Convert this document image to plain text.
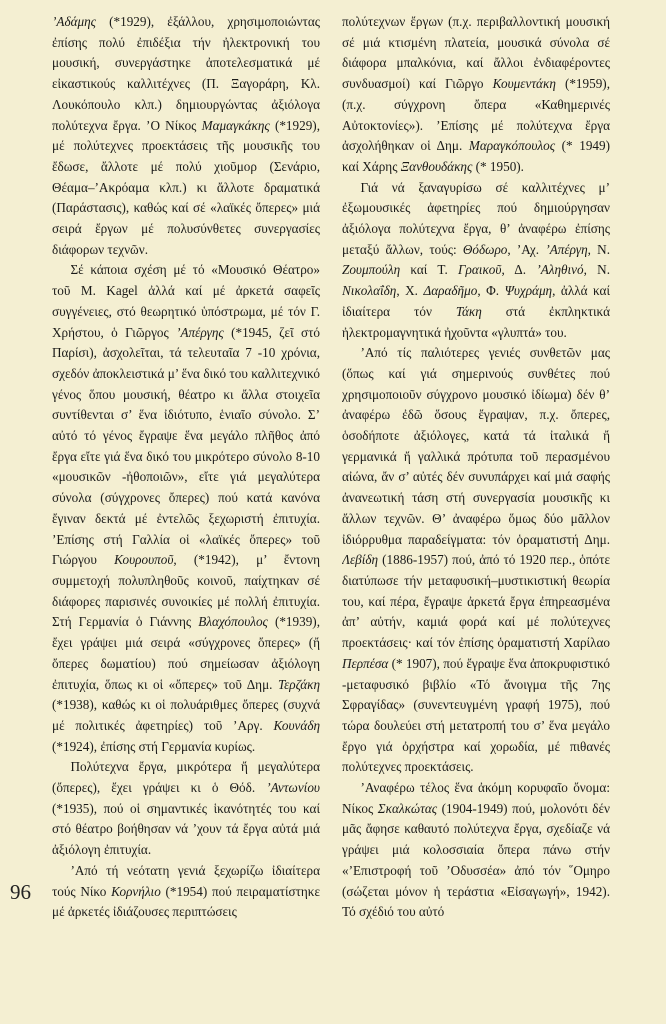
’Αδάμης (*1929), ἐξάλλου, χρησιμοποιώντας ἐπίσης πολύ ἐπιδέξια τήν ἠλεκτρονική του μουσική, συνεργάστηκε ἀποτελεσματικά μέ εἰκαστικούς καλλιτέχνες (Π. Ξαγοράρη, Κλ. Λουκόπουλο κλπ.) δημιουργώντας ἀξιόλογα πολύτεχνα ἔργα. ’Ο Νίκος Μαμαγκάκης (*1929), μέ πολύτεχνες προεκτάσεις τῆς μουσικῆς του ἔδωσε, ἄλλοτε μέ πολύ χιοῦμορ (Σενάριο, Θέαμα–’Ακρόαμα κλπ.) κι ἄλλοτε δραματικά (Παράστασις), καθώς καί σέ «λαϊκές ὄπερες» μιά σειρά ἔργων μέ πολυσύνθετες συνεργασίες διάφορων τεχνῶν.

Σέ κάποια σχέση μέ τό «Μουσικό Θέατρο» τοῦ Μ. Kagel ἀλλά καί μέ ἀρκετά σαφεῖς συγγένειες, στό θεωρητικό ὑπόστρωμα, μέ τόν Γ. Χρήστου, ὁ Γιῶργος ’Απέργης (*1945, ζεῖ στό Παρίσι), ἀσχολεῖται, τά τελευταῖα 7 -10 χρόνια, σχεδόν ἀποκλειστικά μ’ ἕνα δικό του καλλιτεχνικό γένος ὅπου μουσική, θέατρο κι ἄλλα στοιχεῖα συντίθενται σ’ ἕνα ἰδιότυπο, ἑνιαῖο σύνολο. Σ’ αὐτό τό γένος ἔγραψε ἕνα μεγάλο πλῆθος ἀπό ἔργα εἴτε γιά ἕνα δικό του μικρότερο σύνολο 8-10 «μουσικῶν -ἠθοποιῶν», εἴτε γιά μεγαλύτερα σύνολα (σύγχρονες ὄπερες) πού κατά κανόνα ἔγιναν δεκτά μέ ἐντελῶς ξεχωριστή ἐπιτυχία. ’Επίσης στή Γαλλία οἱ «λαϊκές ὄπερες» τοῦ Γιώργου Κουρουποῦ, (*1942), μ’ ἔντονη συμμετοχή πολυπληθοῦς κοινοῦ, παίχτηκαν σέ διάφορες παρισινές συνοικίες μέ πολλή ἐπιτυχία. Στή Γερμανία ὁ Γιάννης Βλαχόπουλος (*1939), ἔχει γράψει μιά σειρά «σύγχρονες ὄπερες» (ἤ ὄπερες δωματίου) πού σημείωσαν ἀξιόλογη ἐπιτυχία, ὅπως κι οἱ «ὄπερες» τοῦ Δημ. Τερζάκη (*1938), καθώς κι οἱ πολυάριθμες ὄπερες (συχνά μέ πολιτικές ἀφετηρίες) τοῦ ’Αργ. Κουνάδη (*1924), ἐπίσης στή Γερμανία κυρίως.

Πολύτεχνα ἔργα, μικρότερα ἤ μεγαλύτερα (ὄπερες), ἔχει γράψει κι ὁ Θόδ. ’Αντωνίου (*1935), πού οἱ σημαντικές ἱκανότητές του καί στό θέατρο βοήθησαν νά ’χουν τά ἔργα αὐτά μιά ἀξιόλογη ἐπιτυχία.

’Από τή νεότατη γενιά ξεχωρίζω ἰδιαίτερα τούς Νίκο Κορνήλιο (*1954) πού πειραματίστηκε μέ ἀρκετές ἰδιάζουσες περιπτώσεις

96

πολύτεχνων ἔργων (π.χ. περιβαλλοντική μουσική σέ μιά κτισμένη πλατεία, μουσικά σύνολα σέ διάφορα μπαλκόνια, καί ἄλλοι ἐνδιαφέροντες συνδυασμοί) καί Γιῶργο Κουμεντάκη (*1959), (π.χ. σύγχρονη ὄπερα «Καθημερινές Αὐτοκτονίες»). ’Επίσης μέ πολύτεχνα ἔργα ἀσχολήθηκαν οἱ Δημ. Μαραγκόπουλος (* 1949) καί Χάρης Ξανθουδάκης (* 1950).

Γιά νά ξαναγυρίσω σέ καλλιτέχνες μ’ ἐξωμουσικές ἀφετηρίες πού δημιούργησαν ἀξιόλογα πολύτεχνα ἔργα, θ’ ἀναφέρω ἐπίσης μεταξύ ἄλλων, τούς: Θόδωρο, ’Αχ. ’Απέργη, Ν. Ζουμπούλη καί Τ. Γραικοῦ, Δ. ’Αληθινό, Ν. Νικολαΐδη, Χ. Δαραδῆμο, Φ. Ψυχράμη, ἀλλά καί ἰδιαίτερα τόν Τάκη στά ἐκπληκτικά ἠλεκτρομαγνητικά ἠχοῦντα «γλυπτά» του.

’Από τίς παλιότερες γενιές συνθετῶν μας (ὅπως καί γιά σημερινούς συνθέτες πού χρησιμοποιοῦν σύγχρονο μουσικό ἰδίωμα) δέν θ’ ἀναφέρω ἐδῶ ὅσους ἔγραψαν, π.χ. ὄπερες, ὁσοδήποτε ἀξιόλογες, κατά τά ἰταλικά ἤ γερμανικά ἤ γαλλικά πρότυπα τοῦ περασμένου αἰώνα, ἄν σ’ αὐτές δέν συνυπάρχει καί μιά σαφής ἀνανεωτική τάση στή συνεργασία μουσικῆς κι ἄλλων τεχνῶν. Θ’ ἀναφέρω ὅμως δύο μᾶλλον ἰδιόρρυθμα παραδείγματα: τόν ὁραματιστή Δημ. Λεβίδη (1886-1957) πού, ἀπό τό 1920 περ., ὁπότε διατύπωσε τήν μεταφυσική–μυστικιστική θεωρία του, καί πέρα, ἔγραψε ἀρκετά ἔργα ἐπηρεασμένα ἀπ’ αὐτήν, καμιά φορά καί μέ πολύτεχνες προεκτάσεις· καί τόν ἐπίσης ὁραματιστή Χαρίλαο Περπέσα (* 1907), πού ἔγραψε ἕνα ἀποκρυφιστικό -μεταφυσικό βιβλίο «Τό ἄνοιγμα τῆς 7ης Σφραγίδας» (συνεντευγμένη γραφή 1975), πού τώρα δουλεύει στή μετατροπή του σ’ ἕνα μεγάλο ἔργο γιά ὀρχήστρα καί χορωδία, μέ πιθανές πολύτεχνες προεκτάσεις.

’Αναφέρω τέλος ἕνα ἀκόμη κορυφαῖο ὄνομα: Νίκος Σκαλκώτας (1904-1949) πού, μολονότι δέν μᾶς ἄφησε καθαυτό πολύτεχνα ἔργα, σχεδίαζε νά γράψει μιά κολοσσιαία ὄπερα πάνω στήν «’Επιστροφή τοῦ ’Οδυσσέα» ἀπό τόν ῞Ομηρο (σώζεται μόνον ἡ τεράστια «Εἰσαγωγή», 1942). Τό σχέδιό του αὐτό
